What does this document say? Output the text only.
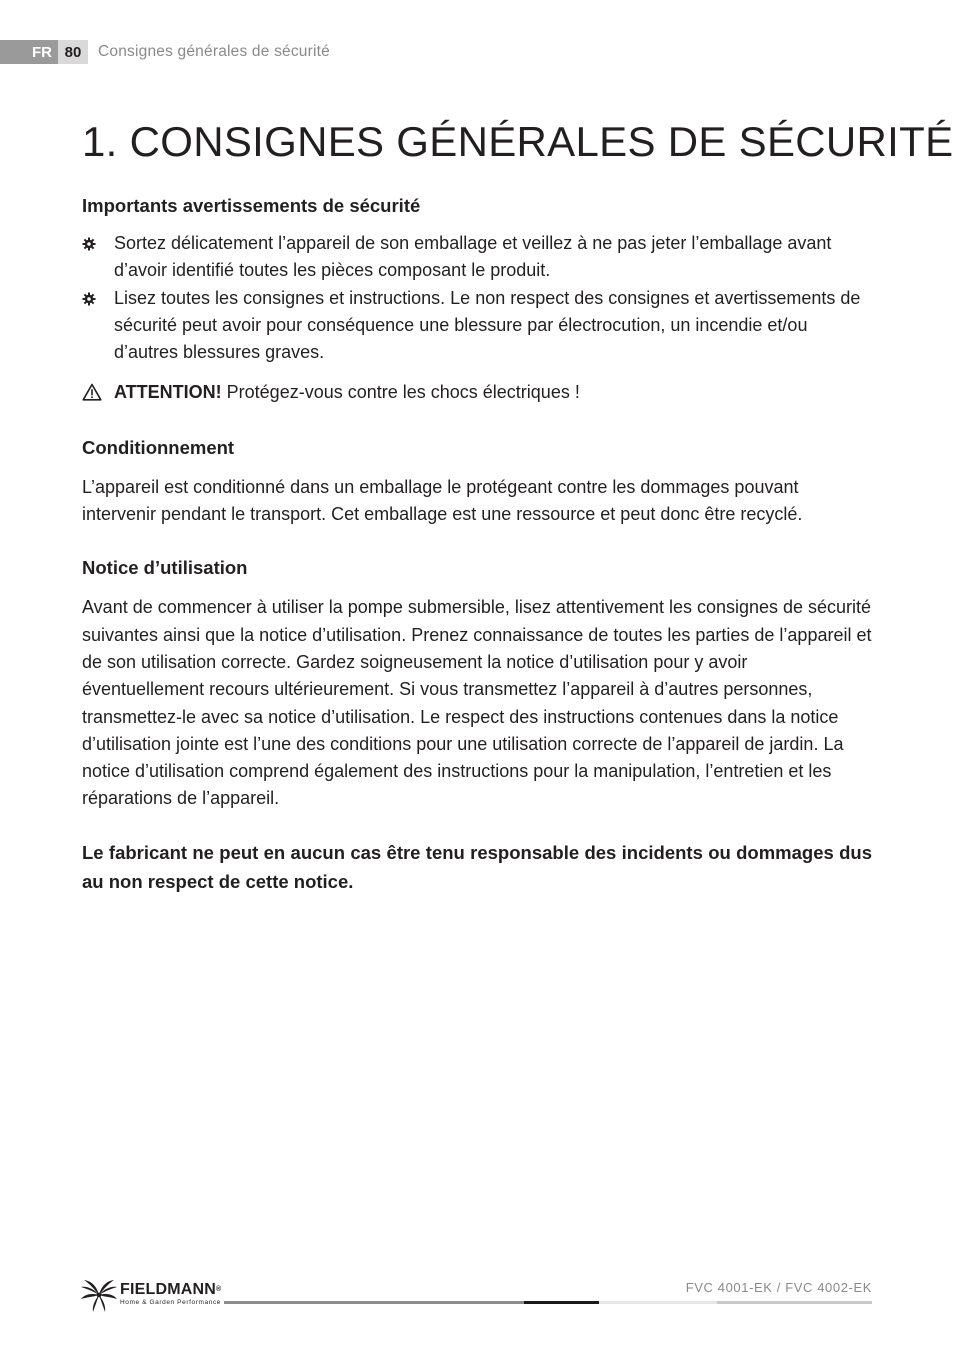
FR 80	Consignes générales de sécurité
1. CONSIGNES GÉNÉRALES DE SÉCURITÉ
Importants avertissements de sécurité
Sortez délicatement l’appareil de son emballage et veillez à ne pas jeter l’emballage avant d’avoir identifié toutes les pièces composant le produit.
Lisez toutes les consignes et instructions. Le non respect des consignes et avertissements de sécurité peut avoir pour conséquence une blessure par électrocution, un incendie et/ou d’autres blessures graves.
ATTENTION! Protégez-vous contre les chocs électriques !
Conditionnement

L’appareil est conditionné dans un emballage le protégeant contre les dommages pouvant intervenir pendant le transport. Cet emballage est une ressource et peut donc être recyclé.

Notice d’utilisation

Avant de commencer à utiliser la pompe submersible, lisez attentivement les consignes de sécurité suivantes ainsi que la notice d’utilisation. Prenez connaissance de toutes les parties de l’appareil et de son utilisation correcte. Gardez soigneusement la notice d’utilisation pour y avoir éventuellement recours ultérieurement. Si vous transmettez l’appareil à d’autres personnes, transmettez-le avec sa notice d’utilisation. Le respect des instructions contenues dans la notice d’utilisation jointe est l’une des conditions pour une utilisation correcte de l’appareil de jardin. La notice d’utilisation comprend également des instructions pour la manipulation, l’entretien et les réparations de l’appareil.

Le fabricant ne peut en aucun cas être tenu responsable des incidents ou dommages dus au non respect de cette notice.

FIELDMANN®
Home & Garden Performance
FVC 4001-EK / FVC 4002-EK
